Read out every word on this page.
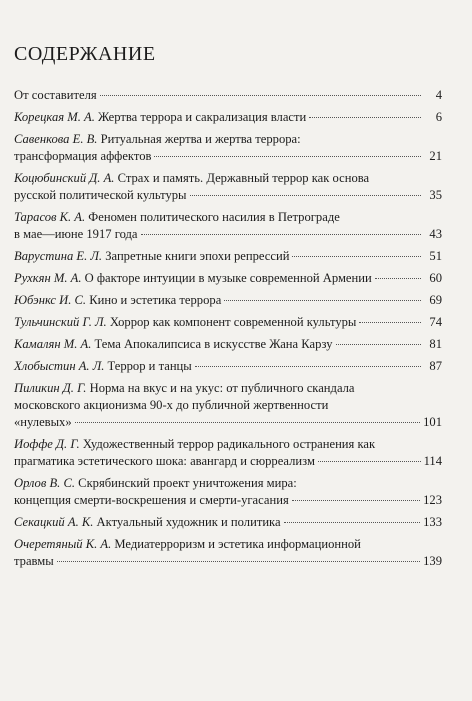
СОДЕРЖАНИЕ
От составителя	4
Корецкая М. А. Жертва террора и сакрализация власти	6
Савенкова Е. В. Ритуальная жертва и жертва террора:
трансформация аффектов	21
Коцюбинский Д. А. Страх и память. Державный террор как основа
русской политической культуры	35
Тарасов К. А. Феномен политического насилия в Петрограде
в мае—июне 1917 года	43
Варустина Е. Л. Запретные книги эпохи репрессий	51
Рухкян М. А. О факторе интуиции в музыке современной Армении	60
Юбэнкс И. С. Кино и эстетика террора	69
Тульчинский Г. Л. Хоррор как компонент современной культуры	74
Камалян М. А. Тема Апокалипсиса в искусстве Жана Карзу	81
Хлобыстин А. Л. Террор и танцы	87
Пиликин Д. Г. Норма на вкус и на укус: от публичного скандала
московского акционизма 90-х до публичной жертвенности
«нулевых»	101
Иоффе Д. Г. Художественный террор радикального остранения как
прагматика эстетического шока: авангард и сюрреализм	114
Орлов В. С. Скрябинский проект уничтожения мира:
концепция смерти-воскрешения и смерти-угасания	123
Секацкий А. К. Актуальный художник и политика	133
Очеретяный К. А. Медиатерроризм и эстетика информационной
травмы	139
